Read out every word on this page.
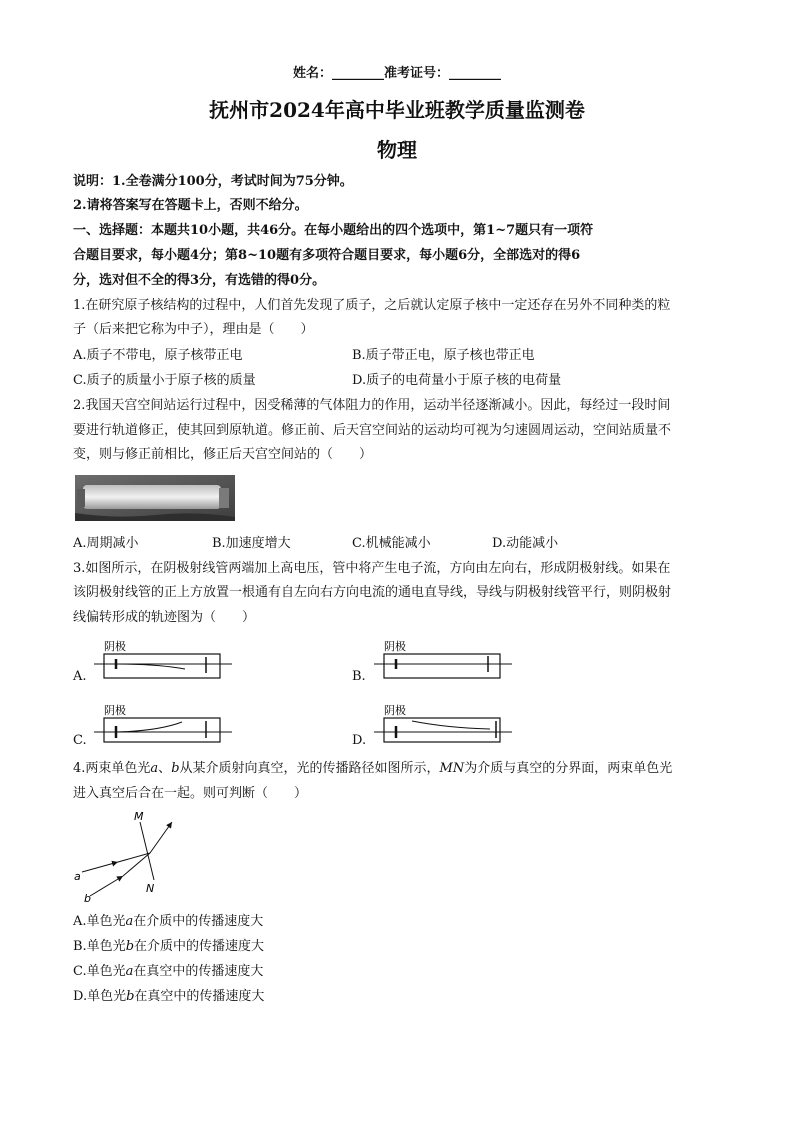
姓名：________准考证号：________
抚州市2024年高中毕业班教学质量监测卷
物理
说明：1.全卷满分100分，考试时间为75分钟。
2.请将答案写在答题卡上，否则不给分。
一、选择题：本题共10小题，共46分。在每小题给出的四个选项中，第1~7题只有一项符
合题目要求，每小题4分；第8~10题有多项符合题目要求，每小题6分，全部选对的得6
分，选对但不全的得3分，有选错的得0分。
1.在研究原子核结构的过程中，人们首先发现了质子，之后就认定原子核中一定还存在另外不同种类的粒
子（后来把它称为中子），理由是（　　）
A.质子不带电，原子核带正电	B.质子带正电，原子核也带正电
C.质子的质量小于原子核的质量	D.质子的电荷量小于原子核的电荷量
2.我国天宫空间站运行过程中，因受稀薄的气体阻力的作用，运动半径逐渐减小。因此，每经过一段时间
要进行轨道修正，使其回到原轨道。修正前、后天宫空间站的运动均可视为匀速圆周运动，空间站质量不
变，则与修正前相比，修正后天宫空间站的（　　）
A.周期减小	B.加速度增大	C.机械能减小	D.动能减小
3.如图所示，在阴极射线管两端加上高电压，管中将产生电子流，方向由左向右，形成阴极射线。如果在
该阴极射线管的正上方放置一根通有自左向右方向电流的通电直导线，导线与阴极射线管平行，则阴极射
线偏转形成的轨迹图为（　　）
A.
阴极
B.
阴极
C.
阴极
D.
阴极
4.两束单色光a、b从某介质射向真空，光的传播路径如图所示，MN为介质与真空的分界面，两束单色光
进入真空后合在一起。则可判断（　　）
M
N
a
b
A.单色光a在介质中的传播速度大
B.单色光b在介质中的传播速度大
C.单色光a在真空中的传播速度大
D.单色光b在真空中的传播速度大
